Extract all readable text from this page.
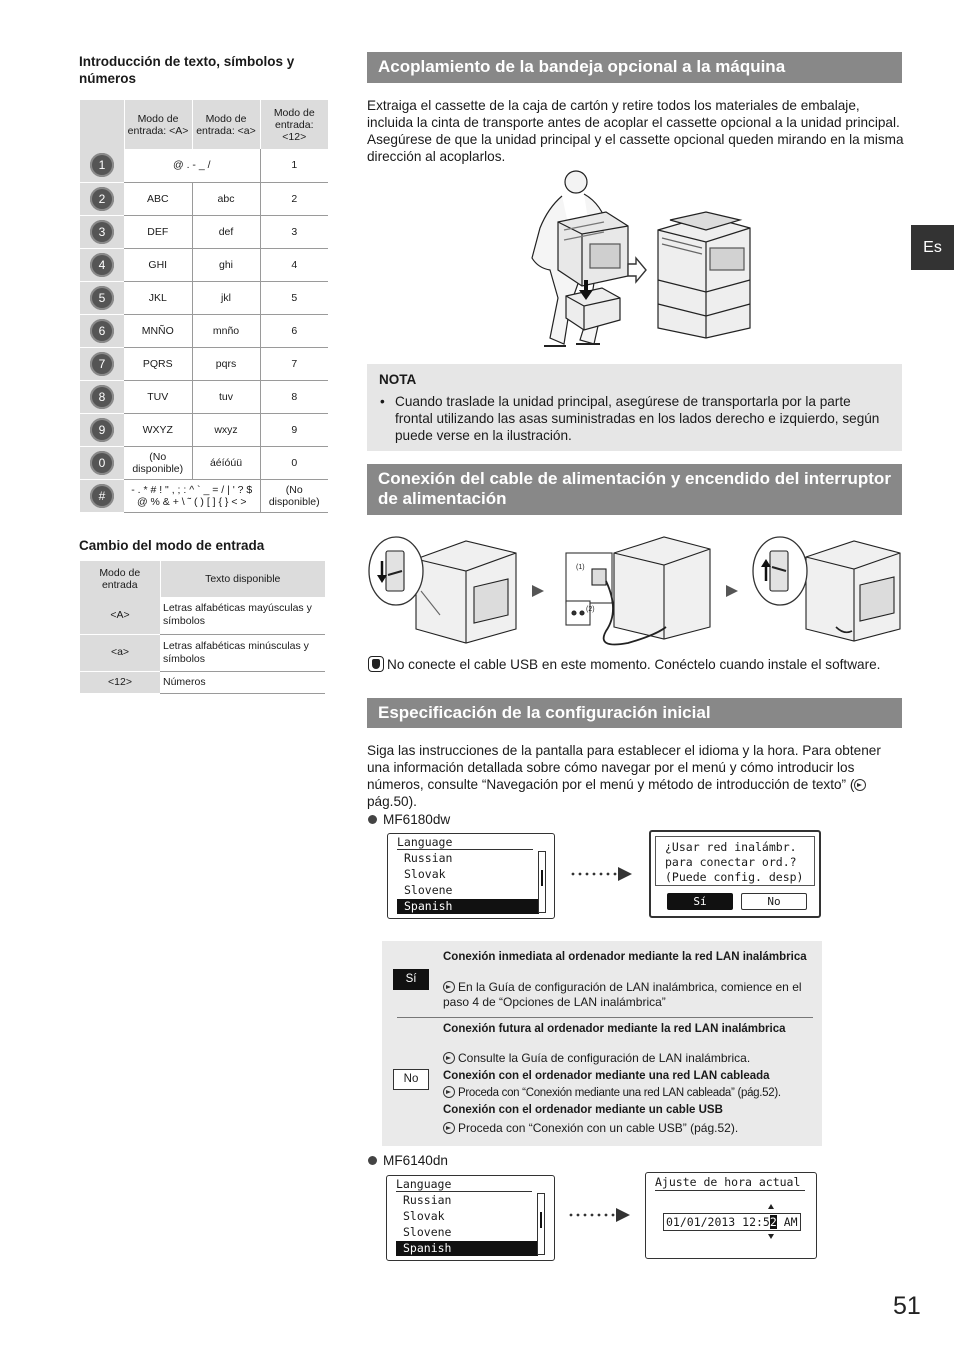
Introducción de texto, símbolos y números
	Modo de entrada: <A>	Modo de entrada: <a>	Modo de entrada: <12>
1	@ . - _ /		1
2	ABC	abc	2
3	DEF	def	3
4	GHI	ghi	4
5	JKL	jkl	5
6	MNÑO	mnño	6
7	PQRS	pqrs	7
8	TUV	tuv	8
9	WXYZ	wxyz	9
0	(No disponible)	áéíóúü	0
#	- . * # ! " , ; : ^ ` _ = / | ' ? $ @ % & + \ ˜ ( ) [ ] { } < >		(No disponible)
Cambio del modo de entrada
Modo de entrada	Texto disponible
<A>	Letras alfabéticas mayúsculas y símbolos
<a>	Letras alfabéticas minúsculas y símbolos
<12>	Números
Es
Acoplamiento de la bandeja opcional a la máquina
Extraiga el cassette de la caja de cartón y retire todos los materiales de embalaje, incluida la cinta de transporte antes de acoplar el cassette opcional a la unidad principal. Asegúrese de que la unidad principal y el cassette opcional queden mirando en la misma dirección al acoplarlos.
NOTA
• Cuando traslade la unidad principal, asegúrese de transportarla por la parte frontal utilizando las asas suministradas en los lados derecho e izquierdo, según puede verse en la ilustración.
Conexión del cable de alimentación y encendido del interruptor de alimentación
(1)
(2)
No conecte el cable USB en este momento. Conéctelo cuando instale el software.
Especificación de la configuración inicial
Siga las instrucciones de la pantalla para establecer el idioma y la hora. Para obtener una información detallada sobre cómo navegar por el menú y cómo introducir los números, consulte “Navegación por el menú y método de introducción de texto” (pág.50).
MF6180dw
Language
Russian
Slovak
Slovene
Spanish
¿Usar red inalámbr.
para conectar ord.?
(Puede config. desp)
Sí	No
Sí
Conexión inmediata al ordenador mediante la red LAN inalámbrica
En la Guía de configuración de LAN inalámbrica, comience en el paso 4 de “Opciones de LAN inalámbrica”
No
Conexión futura al ordenador mediante la red LAN inalámbrica
Consulte la Guía de configuración de LAN inalámbrica.
Conexión con el ordenador mediante una red LAN cableada
Proceda con “Conexión mediante una red LAN cableada” (pág.52).
Conexión con el ordenador mediante un cable USB
Proceda con “Conexión con un cable USB” (pág.52).
MF6140dn
Language
Russian
Slovak
Slovene
Spanish
Ajuste de hora actual
01/01/2013 12:52 AM
51
